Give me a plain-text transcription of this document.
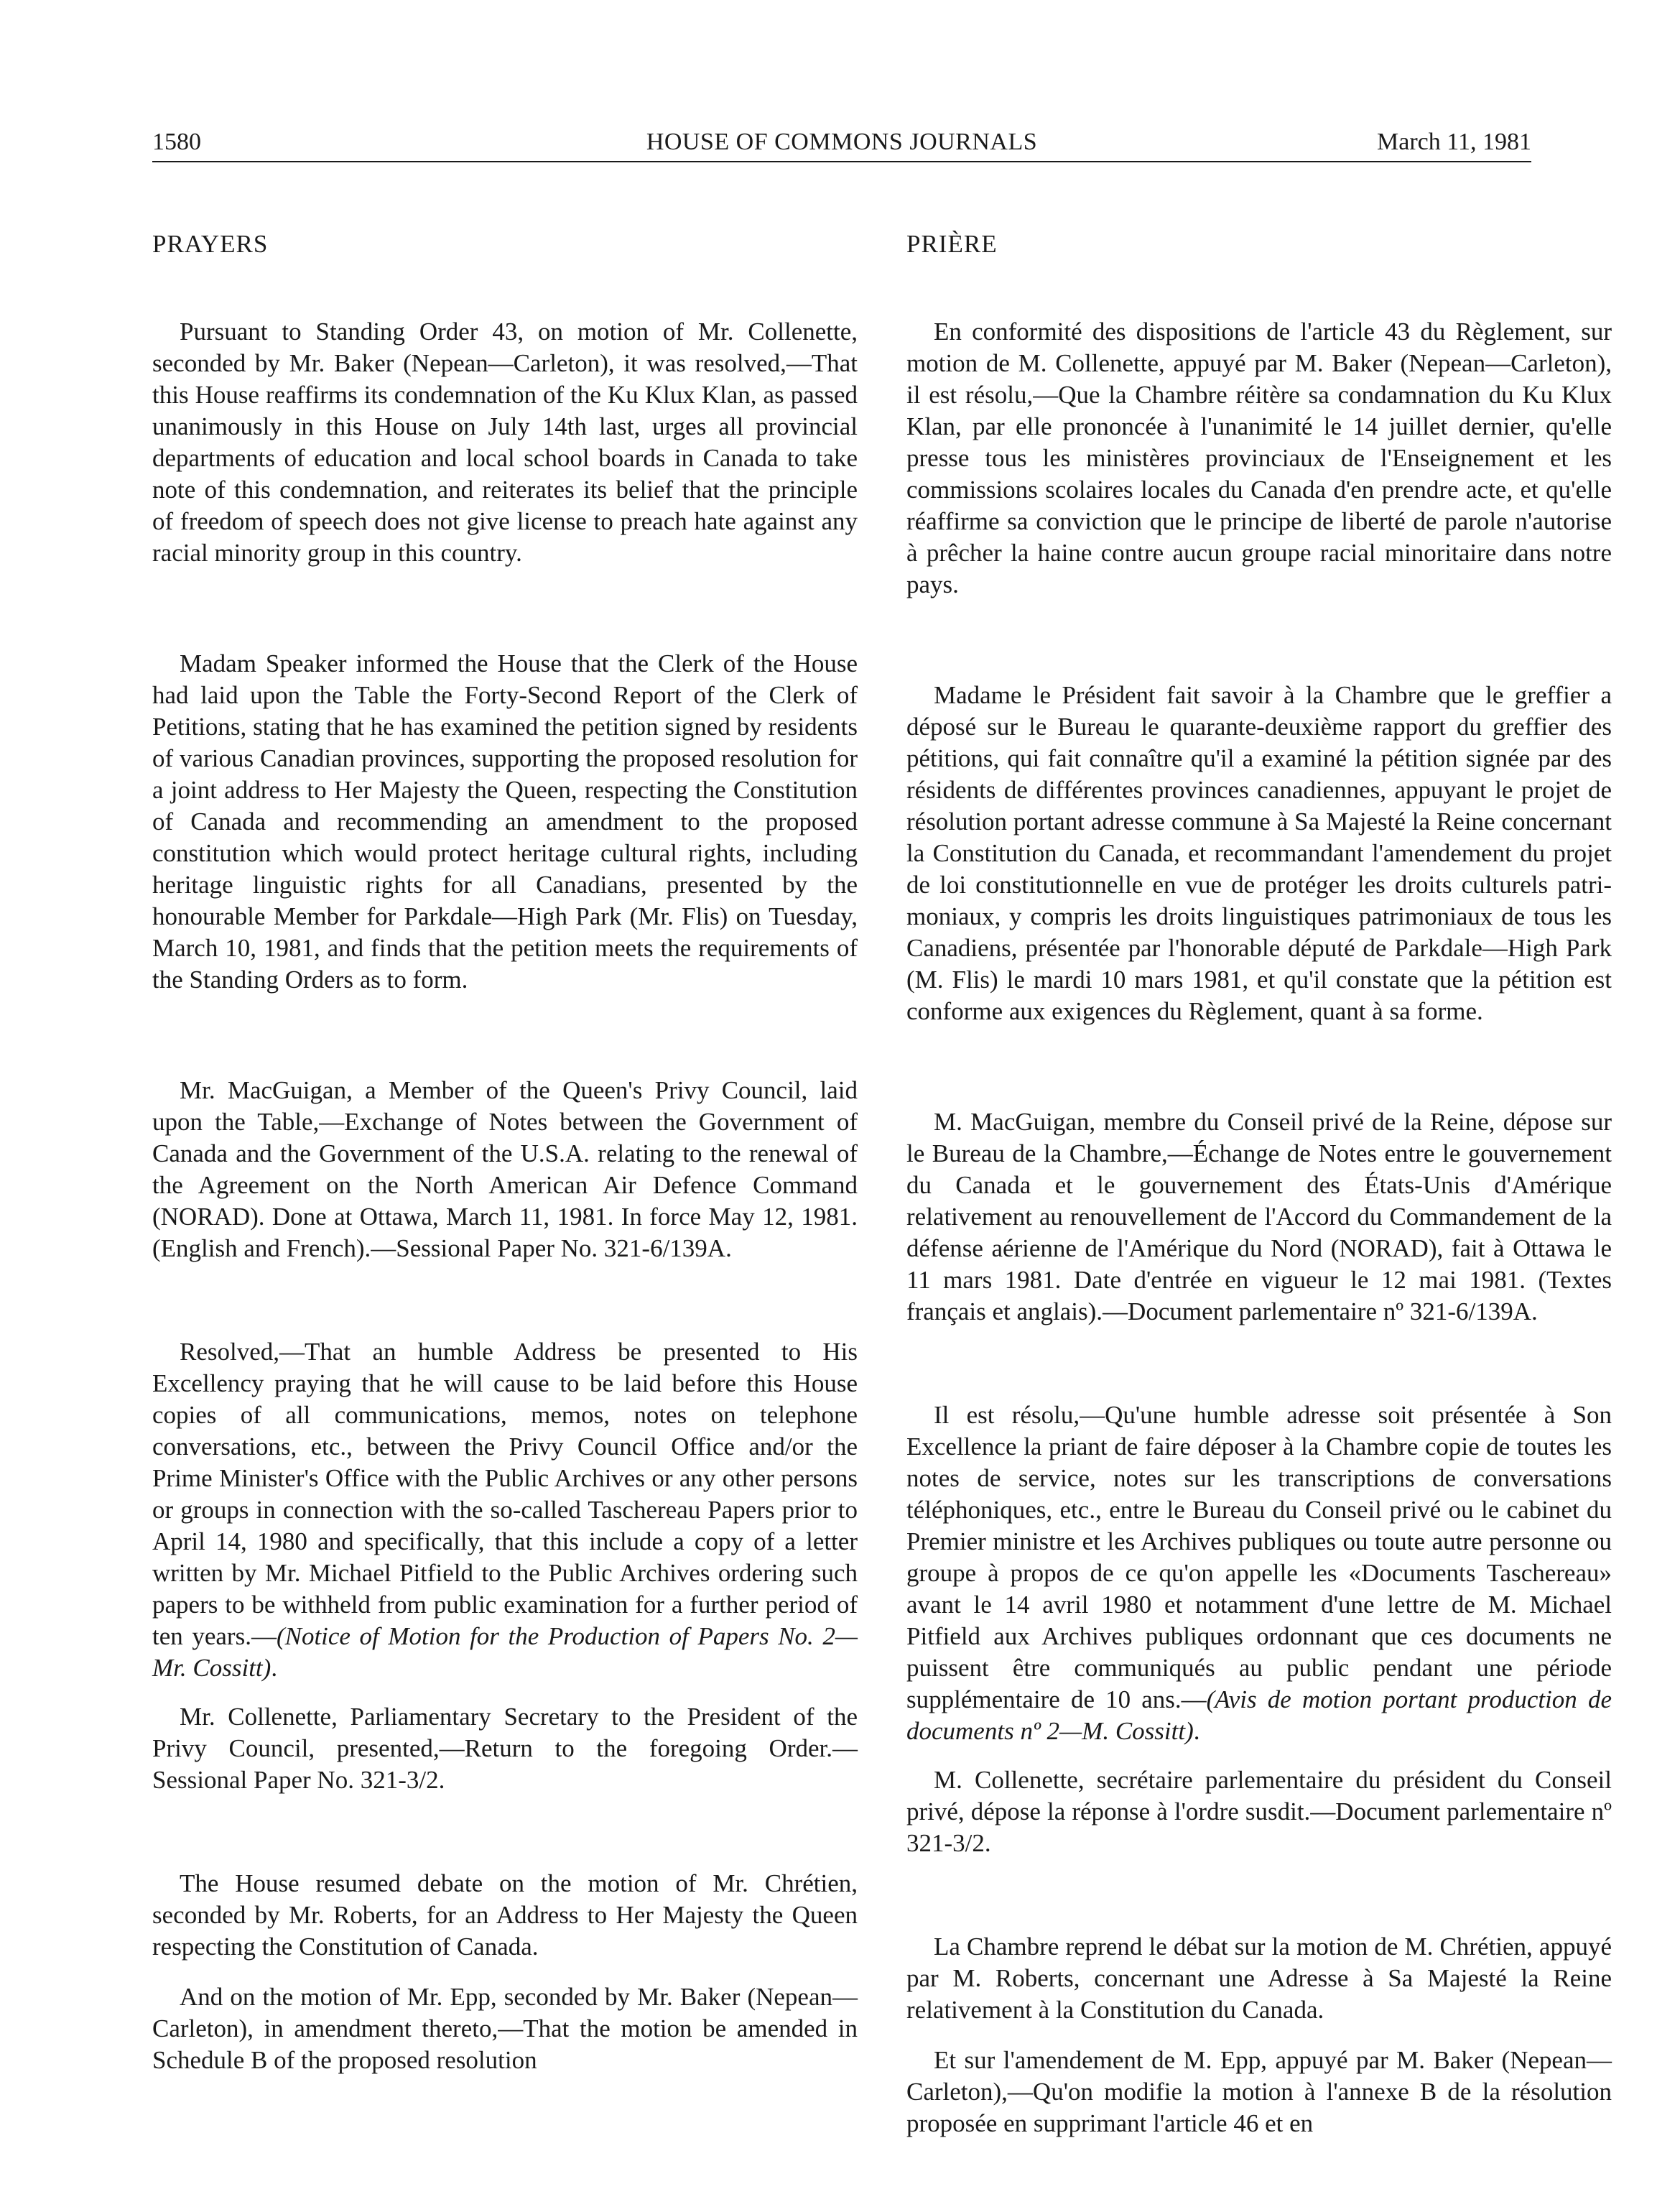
1580	HOUSE OF COMMONS JOURNALS	March 11, 1981

PRAYERS

Pursuant to Standing Order 43, on motion of Mr. Collenette, seconded by Mr. Baker (Nepean—Carleton), it was resolved,—That this House reaffirms its condemnation of the Ku Klux Klan, as passed unanimously in this House on July 14th last, urges all provincial departments of education and local school boards in Canada to take note of this condemnation, and reiterates its belief that the principle of freedom of speech does not give license to preach hate against any racial minority group in this country.

Madam Speaker informed the House that the Clerk of the House had laid upon the Table the Forty-Second Report of the Clerk of Petitions, stating that he has examined the petition signed by residents of various Canadian provinces, supporting the proposed resolution for a joint address to Her Majesty the Queen, respecting the Constitution of Canada and recommending an amendment to the proposed constitution which would protect heritage cultural rights, including heritage linguistic rights for all Canadians, presented by the honourable Member for Parkdale—High Park (Mr. Flis) on Tuesday, March 10, 1981, and finds that the petition meets the requirements of the Standing Orders as to form.

Mr. MacGuigan, a Member of the Queen's Privy Council, laid upon the Table,—Exchange of Notes between the Government of Canada and the Government of the U.S.A. relating to the renewal of the Agreement on the North American Air Defence Command (NORAD). Done at Ottawa, March 11, 1981. In force May 12, 1981. (English and French).—Sessional Paper No. 321-6/139A.

Resolved,—That an humble Address be presented to His Excellency praying that he will cause to be laid before this House copies of all communications, memos, notes on telephone conversations, etc., between the Privy Council Office and/or the Prime Minister's Office with the Public Archives or any other persons or groups in connection with the so-called Taschereau Papers prior to April 14, 1980 and specifically, that this include a copy of a letter written by Mr. Michael Pitfield to the Public Archives ordering such papers to be withheld from public examination for a further period of ten years.—(Notice of Motion for the Production of Papers No. 2—Mr. Cossitt).

Mr. Collenette, Parliamentary Secretary to the President of the Privy Council, presented,—Return to the foregoing Order.—Sessional Paper No. 321-3/2.

The House resumed debate on the motion of Mr. Chrétien, seconded by Mr. Roberts, for an Address to Her Majesty the Queen respecting the Constitution of Canada.

And on the motion of Mr. Epp, seconded by Mr. Baker (Nepean—Carleton), in amendment thereto,—That the motion be amended in Schedule B of the proposed resolution

PRIÈRE

En conformité des dispositions de l'article 43 du Règlement, sur motion de M. Collenette, appuyé par M. Baker (Nepean—Carleton), il est résolu,—Que la Chambre réitère sa condamnation du Ku Klux Klan, par elle prononcée à l'unanimité le 14 juillet dernier, qu'elle presse tous les ministères provinciaux de l'Enseignement et les commissions scolaires locales du Canada d'en prendre acte, et qu'elle réaffirme sa conviction que le principe de liberté de parole n'autorise à prêcher la haine contre aucun groupe racial minoritaire dans notre pays.

Madame le Président fait savoir à la Chambre que le greffier a déposé sur le Bureau le quarante-deuxième rapport du greffier des pétitions, qui fait connaître qu'il a examiné la pétition signée par des résidents de différentes provinces canadiennes, appuyant le projet de résolution portant adresse commune à Sa Majesté la Reine concernant la Constitution du Canada, et recommandant l'amendement du projet de loi constitutionnelle en vue de protéger les droits culturels patrimoniaux, y compris les droits linguistiques patrimoniaux de tous les Canadiens, présentée par l'honorable député de Parkdale—High Park (M. Flis) le mardi 10 mars 1981, et qu'il constate que la pétition est conforme aux exigences du Règlement, quant à sa forme.

M. MacGuigan, membre du Conseil privé de la Reine, dépose sur le Bureau de la Chambre,—Échange de Notes entre le gouvernement du Canada et le gouvernement des États-Unis d'Amérique relativement au renouvellement de l'Accord du Commandement de la défense aérienne de l'Amérique du Nord (NORAD), fait à Ottawa le 11 mars 1981. Date d'entrée en vigueur le 12 mai 1981. (Textes français et anglais).—Document parlementaire nº 321-6/139A.

Il est résolu,—Qu'une humble adresse soit présentée à Son Excellence la priant de faire déposer à la Chambre copie de toutes les notes de service, notes sur les transcriptions de conversations téléphoniques, etc., entre le Bureau du Conseil privé ou le cabinet du Premier ministre et les Archives publiques ou toute autre personne ou groupe à propos de ce qu'on appelle les «Documents Taschereau» avant le 14 avril 1980 et notamment d'une lettre de M. Michael Pitfield aux Archives publiques ordonnant que ces documents ne puissent être communiqués au public pendant une période supplémentaire de 10 ans.—(Avis de motion portant production de documents nº 2—M. Cossitt).

M. Collenette, secrétaire parlementaire du président du Conseil privé, dépose la réponse à l'ordre susdit.—Document parlementaire nº 321-3/2.

La Chambre reprend le débat sur la motion de M. Chrétien, appuyé par M. Roberts, concernant une Adresse à Sa Majesté la Reine relativement à la Constitution du Canada.

Et sur l'amendement de M. Epp, appuyé par M. Baker (Nepean—Carleton),—Qu'on modifie la motion à l'annexe B de la résolution proposée en supprimant l'article 46 et en
